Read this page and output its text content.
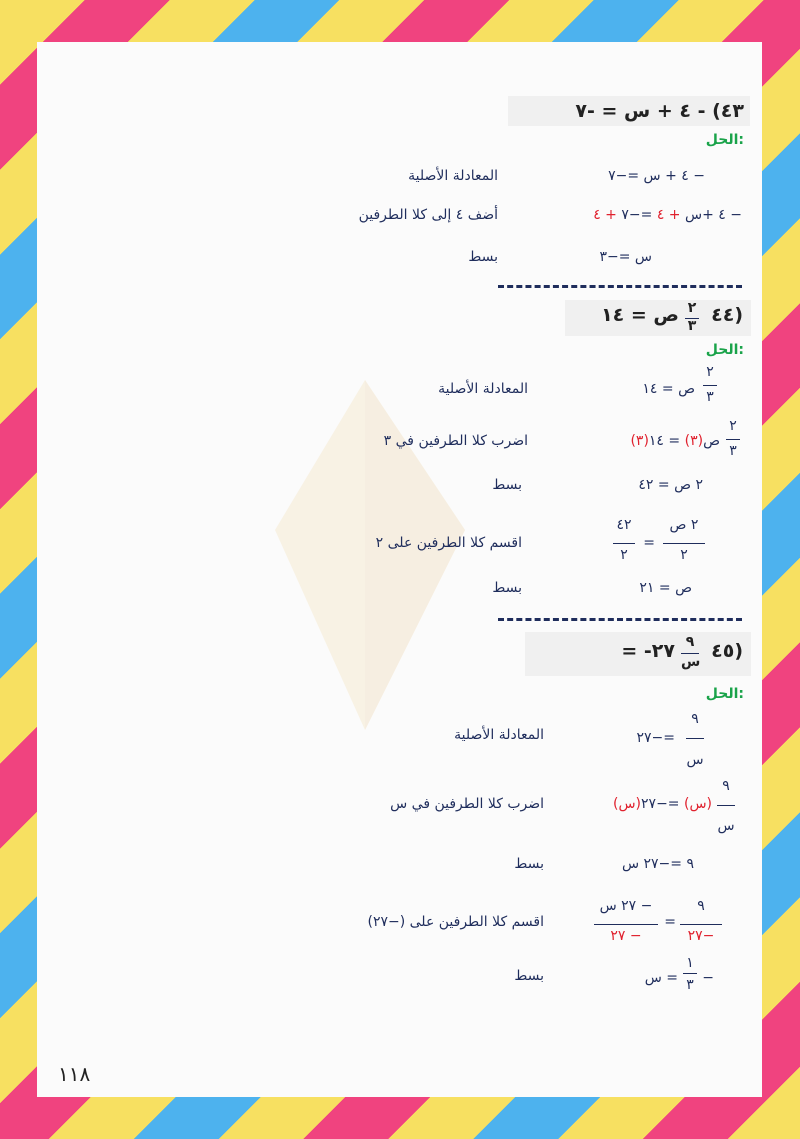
٤٣) - ٤ + س = -٧
الحل:
− ٤ + س =−٧
المعادلة الأصلية
− ٤ +س + ٤ =−٧ + ٤
أضف ٤ إلى كلا الطرفين
س =−٣
بسط
٤٤)
٢
٣
ص = ١٤
الحل:
٢
٣
ص = ١٤
المعادلة الأصلية
٢
٣
ص(٣) = ١٤(٣)
اضرب كلا الطرفين في ٣
٢ ص = ٤٢
بسط
٢ ص
٢
=
٤٢
٢
اقسم كلا الطرفين على ٢
ص = ٢١
بسط
٤٥)
٩
س
= -٢٧
الحل:
٩
س
=−٢٧
المعادلة الأصلية
٩
س
(س) =−٢٧(س)
اضرب كلا الطرفين في س
٩ =−٢٧ س
بسط
٩
−٢٧
=
− ٢٧ س
− ٢٧
اقسم كلا الطرفين على (−٢٧)
−
١
٣
= س
بسط
١١٨
